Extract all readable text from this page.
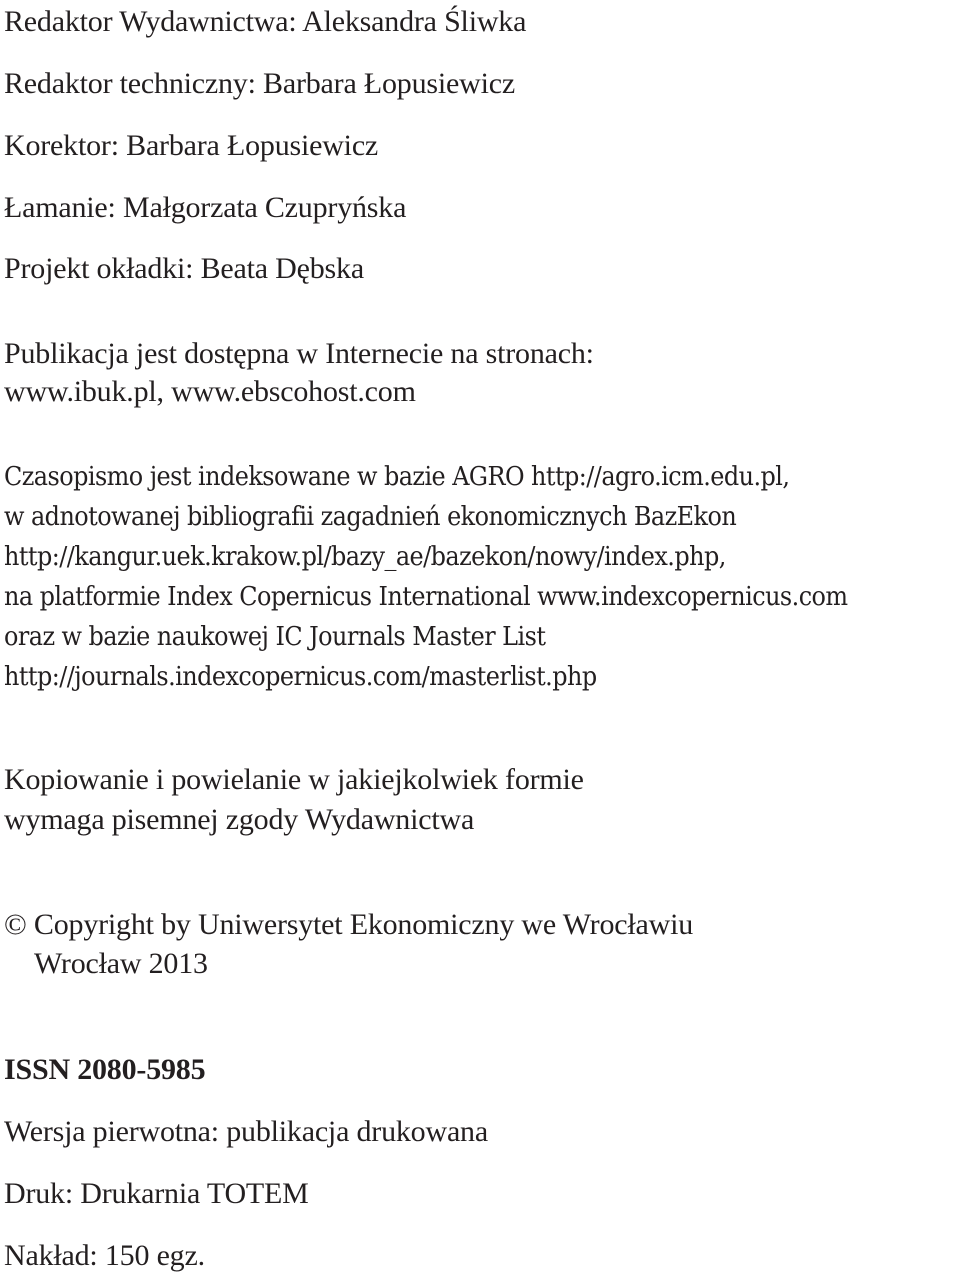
Redaktor Wydawnictwa: Aleksandra Śliwka

Redaktor techniczny: Barbara Łopusiewicz

Korektor: Barbara Łopusiewicz

Łamanie: Małgorzata Czupryńska

Projekt okładki: Beata Dębska

Publikacja jest dostępna w Internecie na stronach:

www.ibuk.pl, www.ebscohost.com

Czasopismo jest indeksowane w bazie AGRO http://agro.icm.edu.pl,

w adnotowanej bibliografii zagadnień ekonomicznych BazEkon

http://kangur.uek.krakow.pl/bazy_ae/bazekon/nowy/index.php,

na platformie Index Copernicus International www.indexcopernicus.com

oraz w bazie naukowej IC Journals Master List

http://journals.indexcopernicus.com/masterlist.php

Kopiowanie i powielanie w jakiejkolwiek formie

wymaga pisemnej zgody Wydawnictwa

© Copyright by Uniwersytet Ekonomiczny we Wrocławiu

Wrocław 2013

ISSN 2080-5985

Wersja pierwotna: publikacja drukowana

Druk: Drukarnia TOTEM

Nakład: 150 egz.
